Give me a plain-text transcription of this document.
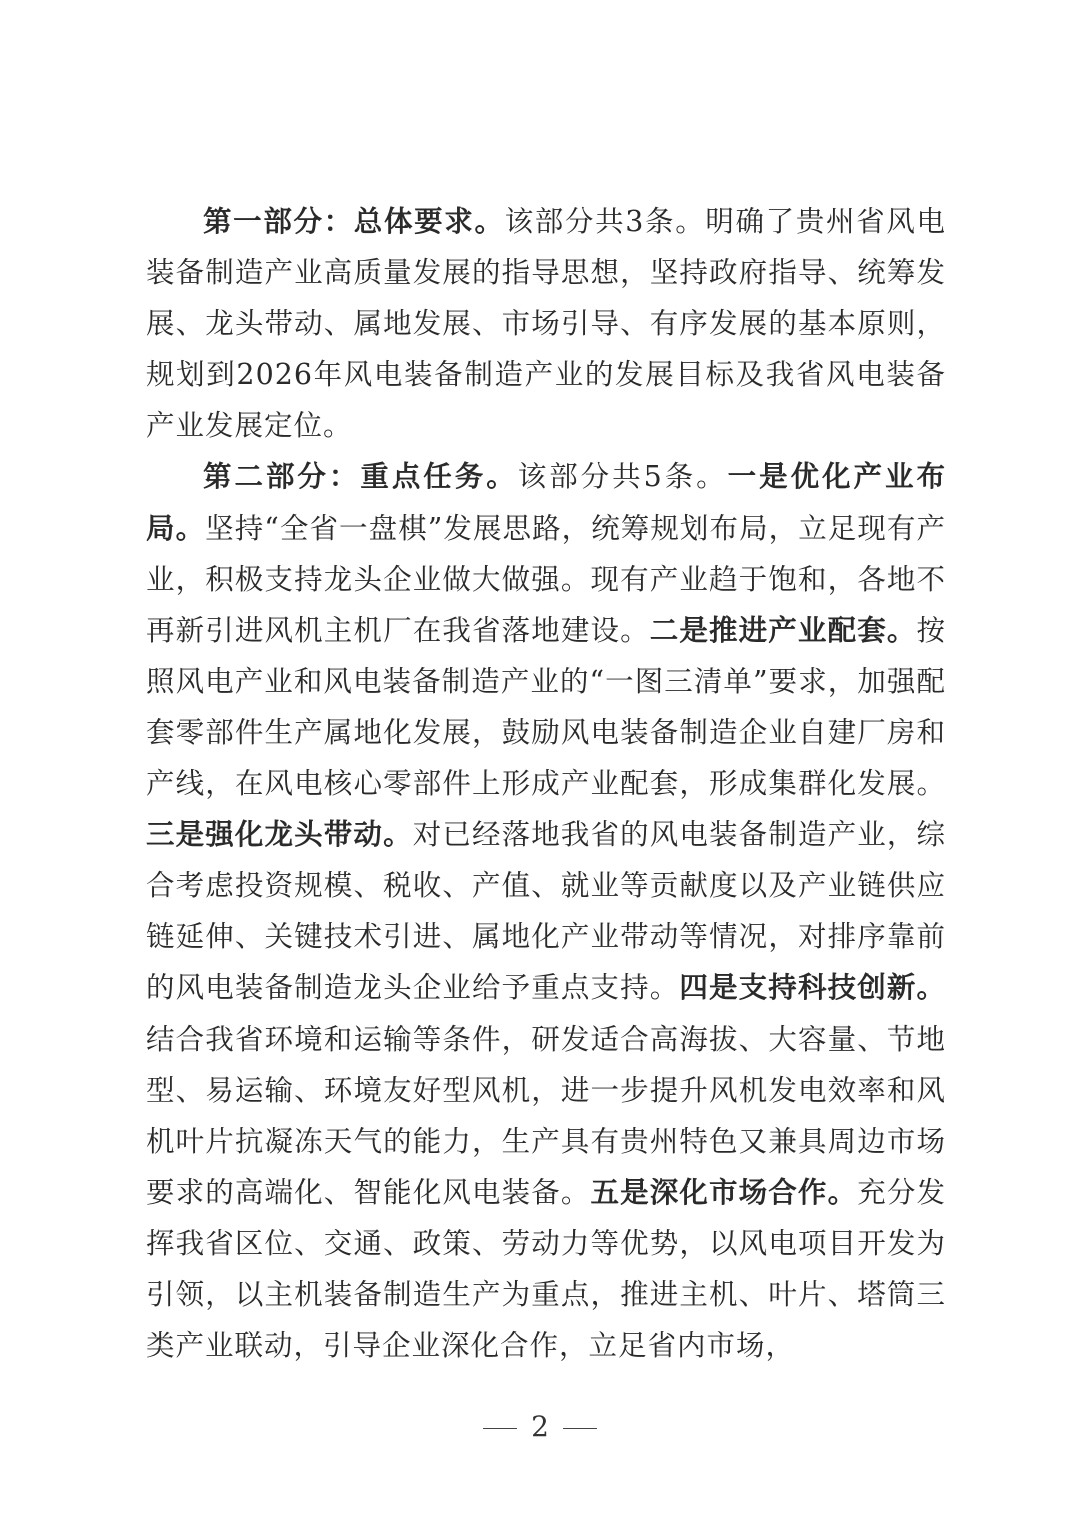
第一部分：总体要求。该部分共3条。明确了贵州省风电装备制造产业高质量发展的指导思想，坚持政府指导、统筹发展、龙头带动、属地发展、市场引导、有序发展的基本原则，规划到2026年风电装备制造产业的发展目标及我省风电装备产业发展定位。

第二部分：重点任务。该部分共5条。一是优化产业布局。坚持“全省一盘棋”发展思路，统筹规划布局，立足现有产业，积极支持龙头企业做大做强。现有产业趋于饱和，各地不再新引进风机主机厂在我省落地建设。二是推进产业配套。按照风电产业和风电装备制造产业的“一图三清单”要求，加强配套零部件生产属地化发展，鼓励风电装备制造企业自建厂房和产线，在风电核心零部件上形成产业配套，形成集群化发展。三是强化龙头带动。对已经落地我省的风电装备制造产业，综合考虑投资规模、税收、产值、就业等贡献度以及产业链供应链延伸、关键技术引进、属地化产业带动等情况，对排序靠前的风电装备制造龙头企业给予重点支持。四是支持科技创新。结合我省环境和运输等条件，研发适合高海拔、大容量、节地型、易运输、环境友好型风机，进一步提升风机发电效率和风机叶片抗凝冻天气的能力，生产具有贵州特色又兼具周边市场要求的高端化、智能化风电装备。五是深化市场合作。充分发挥我省区位、交通、政策、劳动力等优势，以风电项目开发为引领，以主机装备制造生产为重点，推进主机、叶片、塔筒三类产业联动，引导企业深化合作，立足省内市场，

2
